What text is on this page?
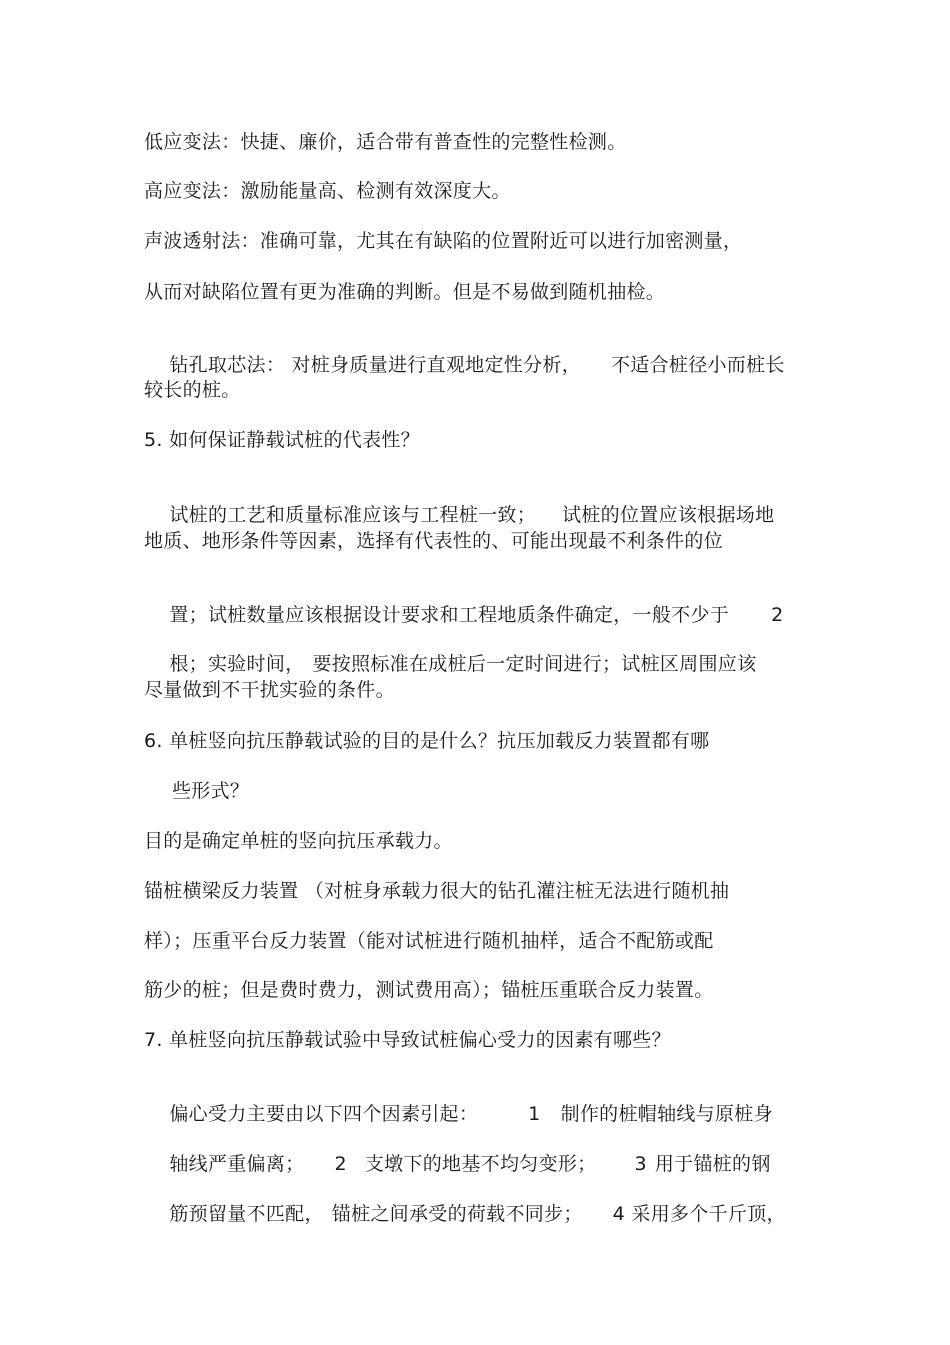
低应变法：快捷、廉价，适合带有普查性的完整性检测。
高应变法：激励能量高、检测有效深度大。
声波透射法：准确可靠，尤其在有缺陷的位置附近可以进行加密测量，
从而对缺陷位置有更为准确的判断。但是不易做到随机抽检。

钻孔取芯法： 对桩身质量进行直观地定性分析， 不适合桩径小而桩长

较长的桩。
5. 如何保证静载试桩的代表性？

试桩的工艺和质量标准应该与工程桩一致； 试桩的位置应该根据场地

地质、地形条件等因素，选择有代表性的、可能出现最不利条件的位

置；试桩数量应该根据设计要求和工程地质条件确定，一般不少于 2

根；实验时间， 要按照标准在成桩后一定时间进行；试桩区周围应该

尽量做到不干扰实验的条件。
6. 单桩竖向抗压静载试验的目的是什么？抗压加载反力装置都有哪
些形式？
目的是确定单桩的竖向抗压承载力。
锚桩横梁反力装置 （对桩身承载力很大的钻孔灌注桩无法进行随机抽
样）；压重平台反力装置（能对试桩进行随机抽样，适合不配筋或配
筋少的桩；但是费时费力，测试费用高）；锚桩压重联合反力装置。
7. 单桩竖向抗压静载试验中导致试桩偏心受力的因素有哪些？

偏心受力主要由以下四个因素引起：	1 制作的桩帽轴线与原桩身

轴线严重偏离； 2 支墩下的地基不均匀变形； 3 用于锚桩的钢

筋预留量不匹配， 锚桩之间承受的荷载不同步； 4 采用多个千斤顶，
